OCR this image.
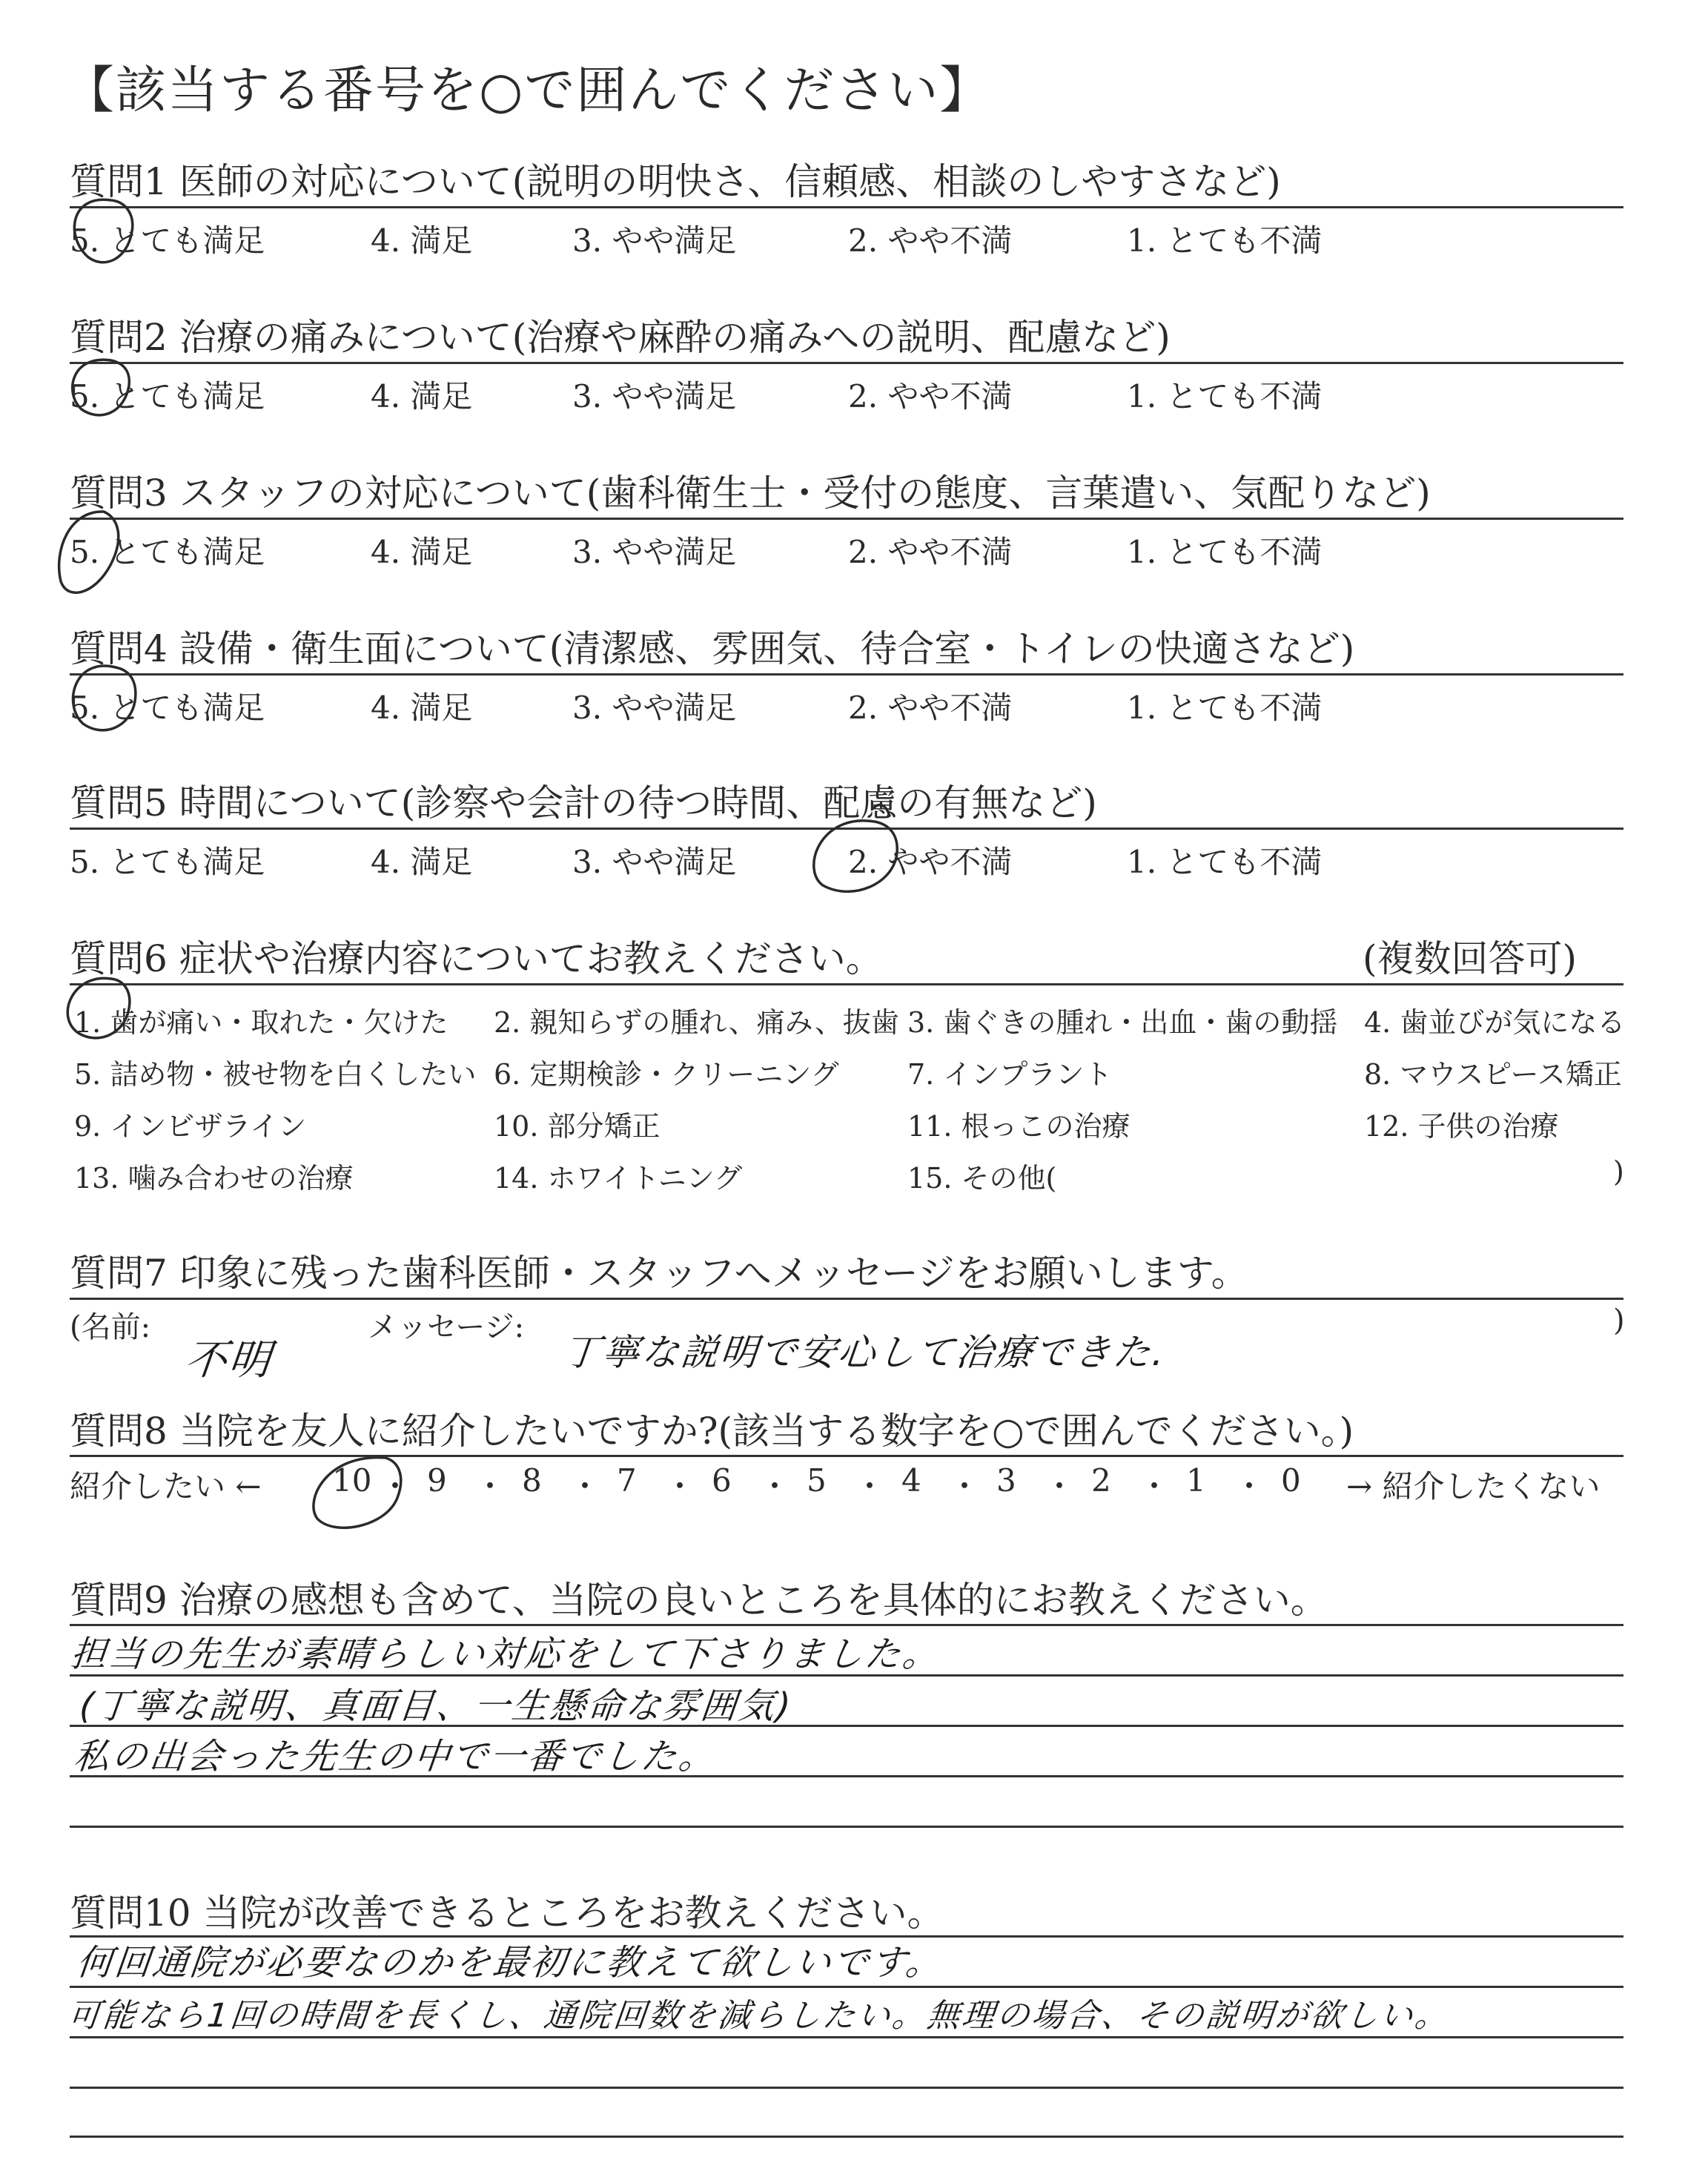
【該当する番号を○で囲んでください】
質問1 医師の対応について(説明の明快さ、信頼感、相談のしやすさなど)
5. とても満足	4. 満足	3. やや満足	2. やや不満	1. とても不満
質問2 治療の痛みについて(治療や麻酔の痛みへの説明、配慮など)
5. とても満足	4. 満足	3. やや満足	2. やや不満	1. とても不満
質問3 スタッフの対応について(歯科衛生士・受付の態度、言葉遣い、気配りなど)
5. とても満足	4. 満足	3. やや満足	2. やや不満	1. とても不満
質問4 設備・衛生面について(清潔感、雰囲気、待合室・トイレの快適さなど)
5. とても満足	4. 満足	3. やや満足	2. やや不満	1. とても不満
質問5 時間について(診察や会計の待つ時間、配慮の有無など)
5. とても満足	4. 満足	3. やや満足	2. やや不満	1. とても不満
質問6 症状や治療内容についてお教えください。	(複数回答可)
1. 歯が痛い・取れた・欠けた 2. 親知らずの腫れ、痛み、抜歯 3. 歯ぐきの腫れ・出血・歯の動揺 4. 歯並びが気になる
5. 詰め物・被せ物を白くしたい 6. 定期検診・クリーニング 7. インプラント	8. マウスピース矯正
9. インビザライン	10. 部分矯正	11. 根っこの治療	12. 子供の治療
13. 噛み合わせの治療	14. ホワイトニング	15. その他(	)
質問7 印象に残った歯科医師・スタッフへメッセージをお願いします。
(名前:
不明
メッセージ:
丁寧な説明で安心して治療できた.
)
質問8 当院を友人に紹介したいですか?(該当する数字を○で囲んでください。)
紹介したい ← 10 ・ 9 ・ 8 ・ 7 ・ 6 ・ 5 ・ 4 ・ 3 ・ 2 ・ 1 ・ 0 → 紹介したくない
質問9 治療の感想も含めて、当院の良いところを具体的にお教えください。
担当の先生が素晴らしい対応をして下さりました。
(丁寧な説明、真面目、一生懸命な雰囲気)
私の出会った先生の中で一番でした。
質問10 当院が改善できるところをお教えください。
何回通院が必要なのかを最初に教えて欲しいです。
可能なら1回の時間を長くし、通院回数を減らしたい。無理の場合、その説明が欲しい。
